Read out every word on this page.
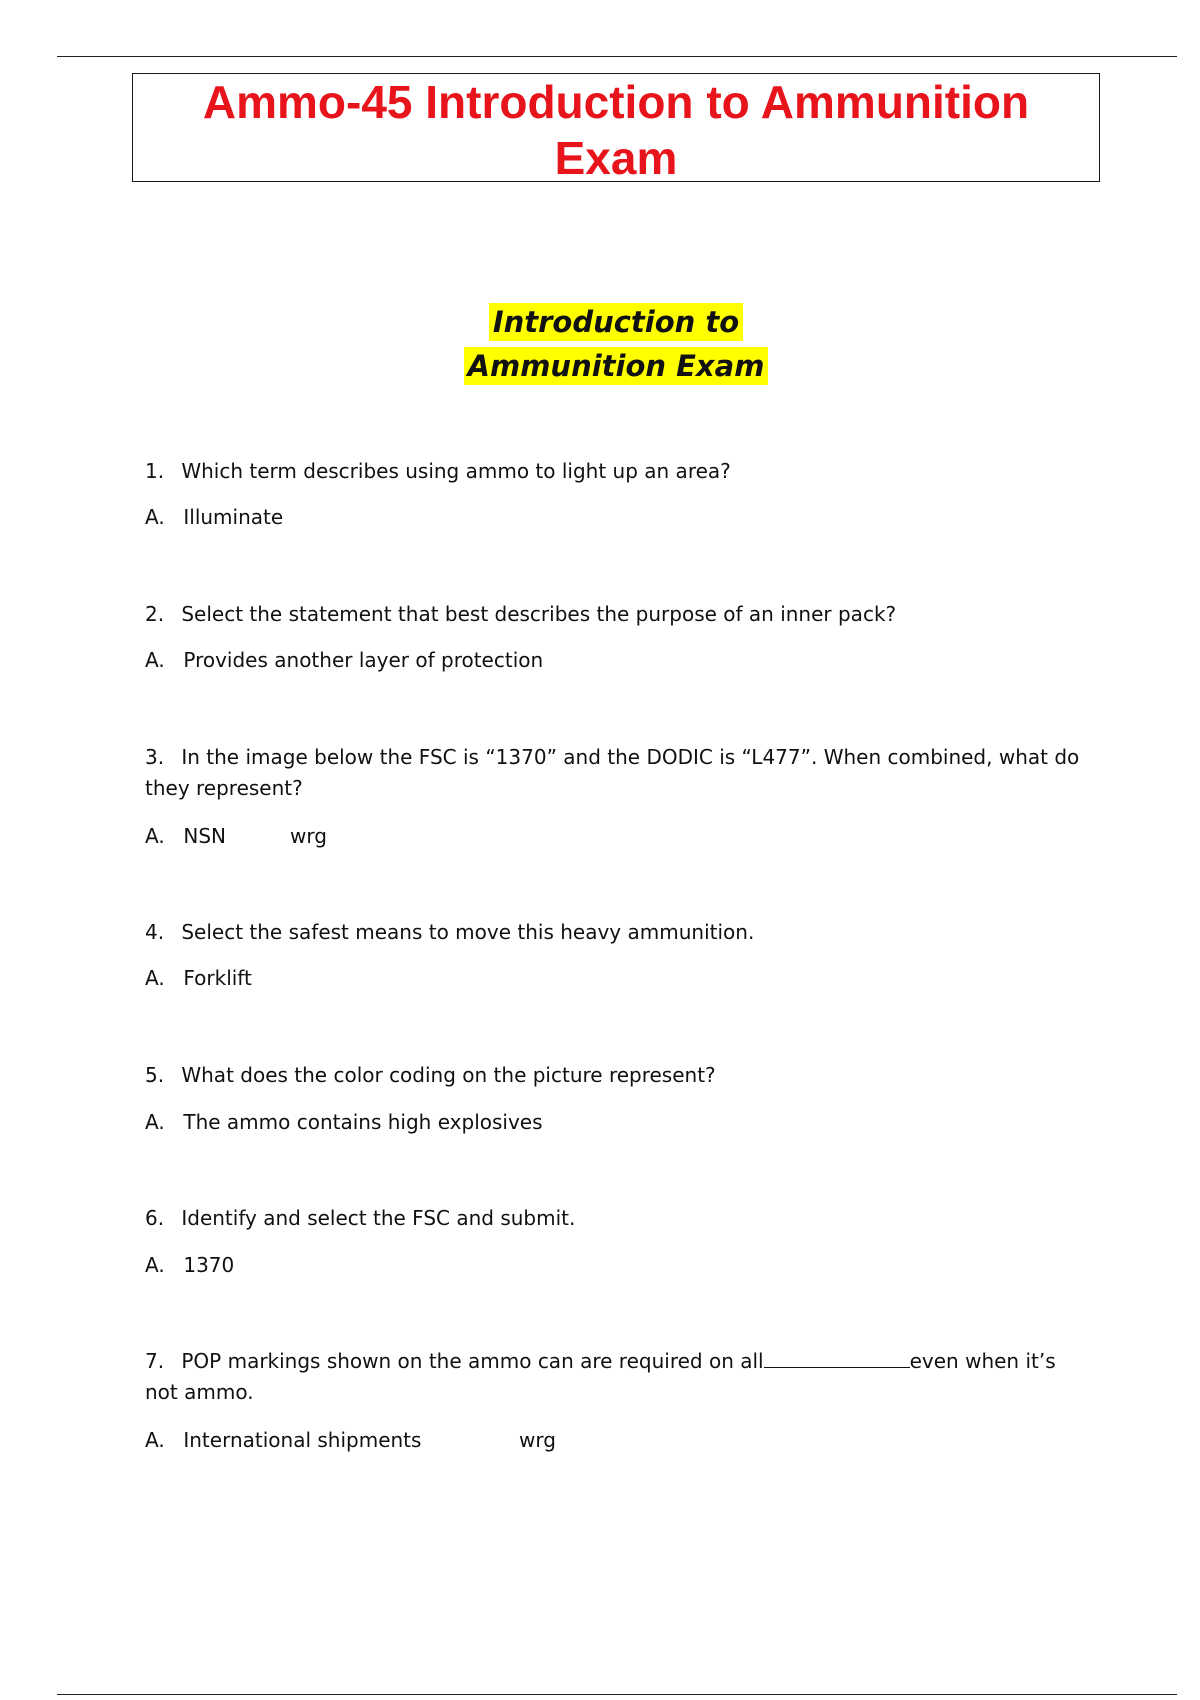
Ammo-45 Introduction to Ammunition
Exam
Introduction to
Ammunition Exam
1. Which term describes using ammo to light up an area?
A. Illuminate
2. Select the statement that best describes the purpose of an inner pack?
A. Provides another layer of protection
3. In the image below the FSC is “1370” and the DODIC is “L477”. When combined, what do they represent?
A. NSN	wrg
4. Select the safest means to move this heavy ammunition.
A. Forklift
5. What does the color coding on the picture represent?
A. The ammo contains high explosives
6. Identify and select the FSC and submit.
A. 1370
7. POP markings shown on the ammo can are required on all	even when it’s not ammo.
A. International shipments	wrg
